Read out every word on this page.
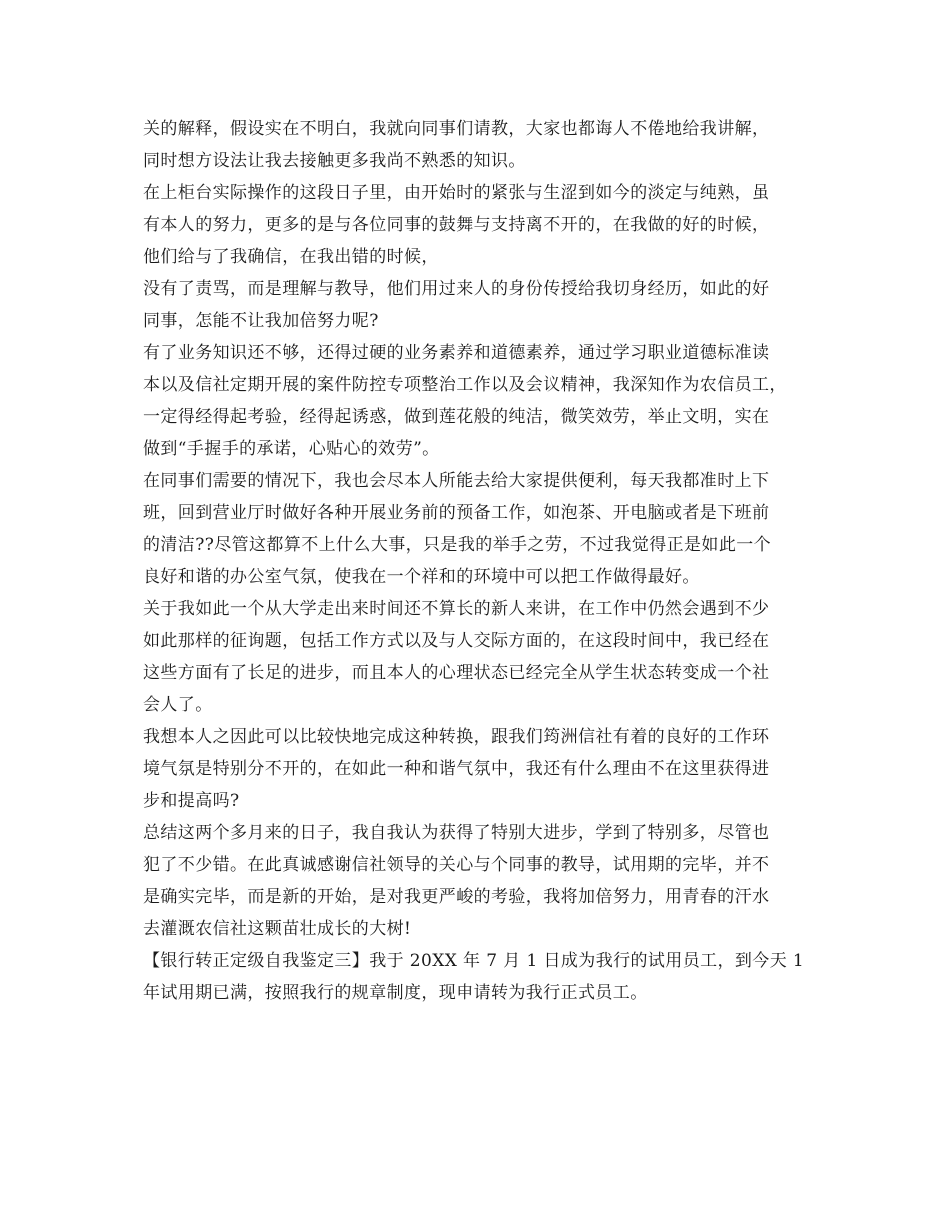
关的解释，假设实在不明白，我就向同事们请教，大家也都诲人不倦地给我讲解，
同时想方设法让我去接触更多我尚不熟悉的知识。
在上柜台实际操作的这段日子里，由开始时的紧张与生涩到如今的淡定与纯熟，虽
有本人的努力，更多的是与各位同事的鼓舞与支持离不开的，在我做的好的时候，
他们给与了我确信，在我出错的时候，
没有了责骂，而是理解与教导，他们用过来人的身份传授给我切身经历，如此的好
同事，怎能不让我加倍努力呢?
有了业务知识还不够，还得过硬的业务素养和道德素养，通过学习职业道德标准读
本以及信社定期开展的案件防控专项整治工作以及会议精神，我深知作为农信员工，
一定得经得起考验，经得起诱惑，做到莲花般的纯洁，微笑效劳，举止文明，实在
做到“手握手的承诺，心贴心的效劳”。
在同事们需要的情况下，我也会尽本人所能去给大家提供便利，每天我都准时上下
班，回到营业厅时做好各种开展业务前的预备工作，如泡茶、开电脑或者是下班前
的清洁??尽管这都算不上什么大事，只是我的举手之劳，不过我觉得正是如此一个
良好和谐的办公室气氛，使我在一个祥和的环境中可以把工作做得最好。
关于我如此一个从大学走出来时间还不算长的新人来讲，在工作中仍然会遇到不少
如此那样的征询题，包括工作方式以及与人交际方面的，在这段时间中，我已经在
这些方面有了长足的进步，而且本人的心理状态已经完全从学生状态转变成一个社
会人了。
我想本人之因此可以比较快地完成这种转换，跟我们筠洲信社有着的良好的工作环
境气氛是特别分不开的，在如此一种和谐气氛中，我还有什么理由不在这里获得进
步和提高吗?
总结这两个多月来的日子，我自我认为获得了特别大进步，学到了特别多，尽管也
犯了不少错。在此真诚感谢信社领导的关心与个同事的教导，试用期的完毕，并不
是确实完毕，而是新的开始，是对我更严峻的考验，我将加倍努力，用青春的汗水
去灌溉农信社这颗苗壮成长的大树!
【银行转正定级自我鉴定三】我于 20XX 年 7 月 1 日成为我行的试用员工，到今天 1
年试用期已满，按照我行的规章制度，现申请转为我行正式员工。
